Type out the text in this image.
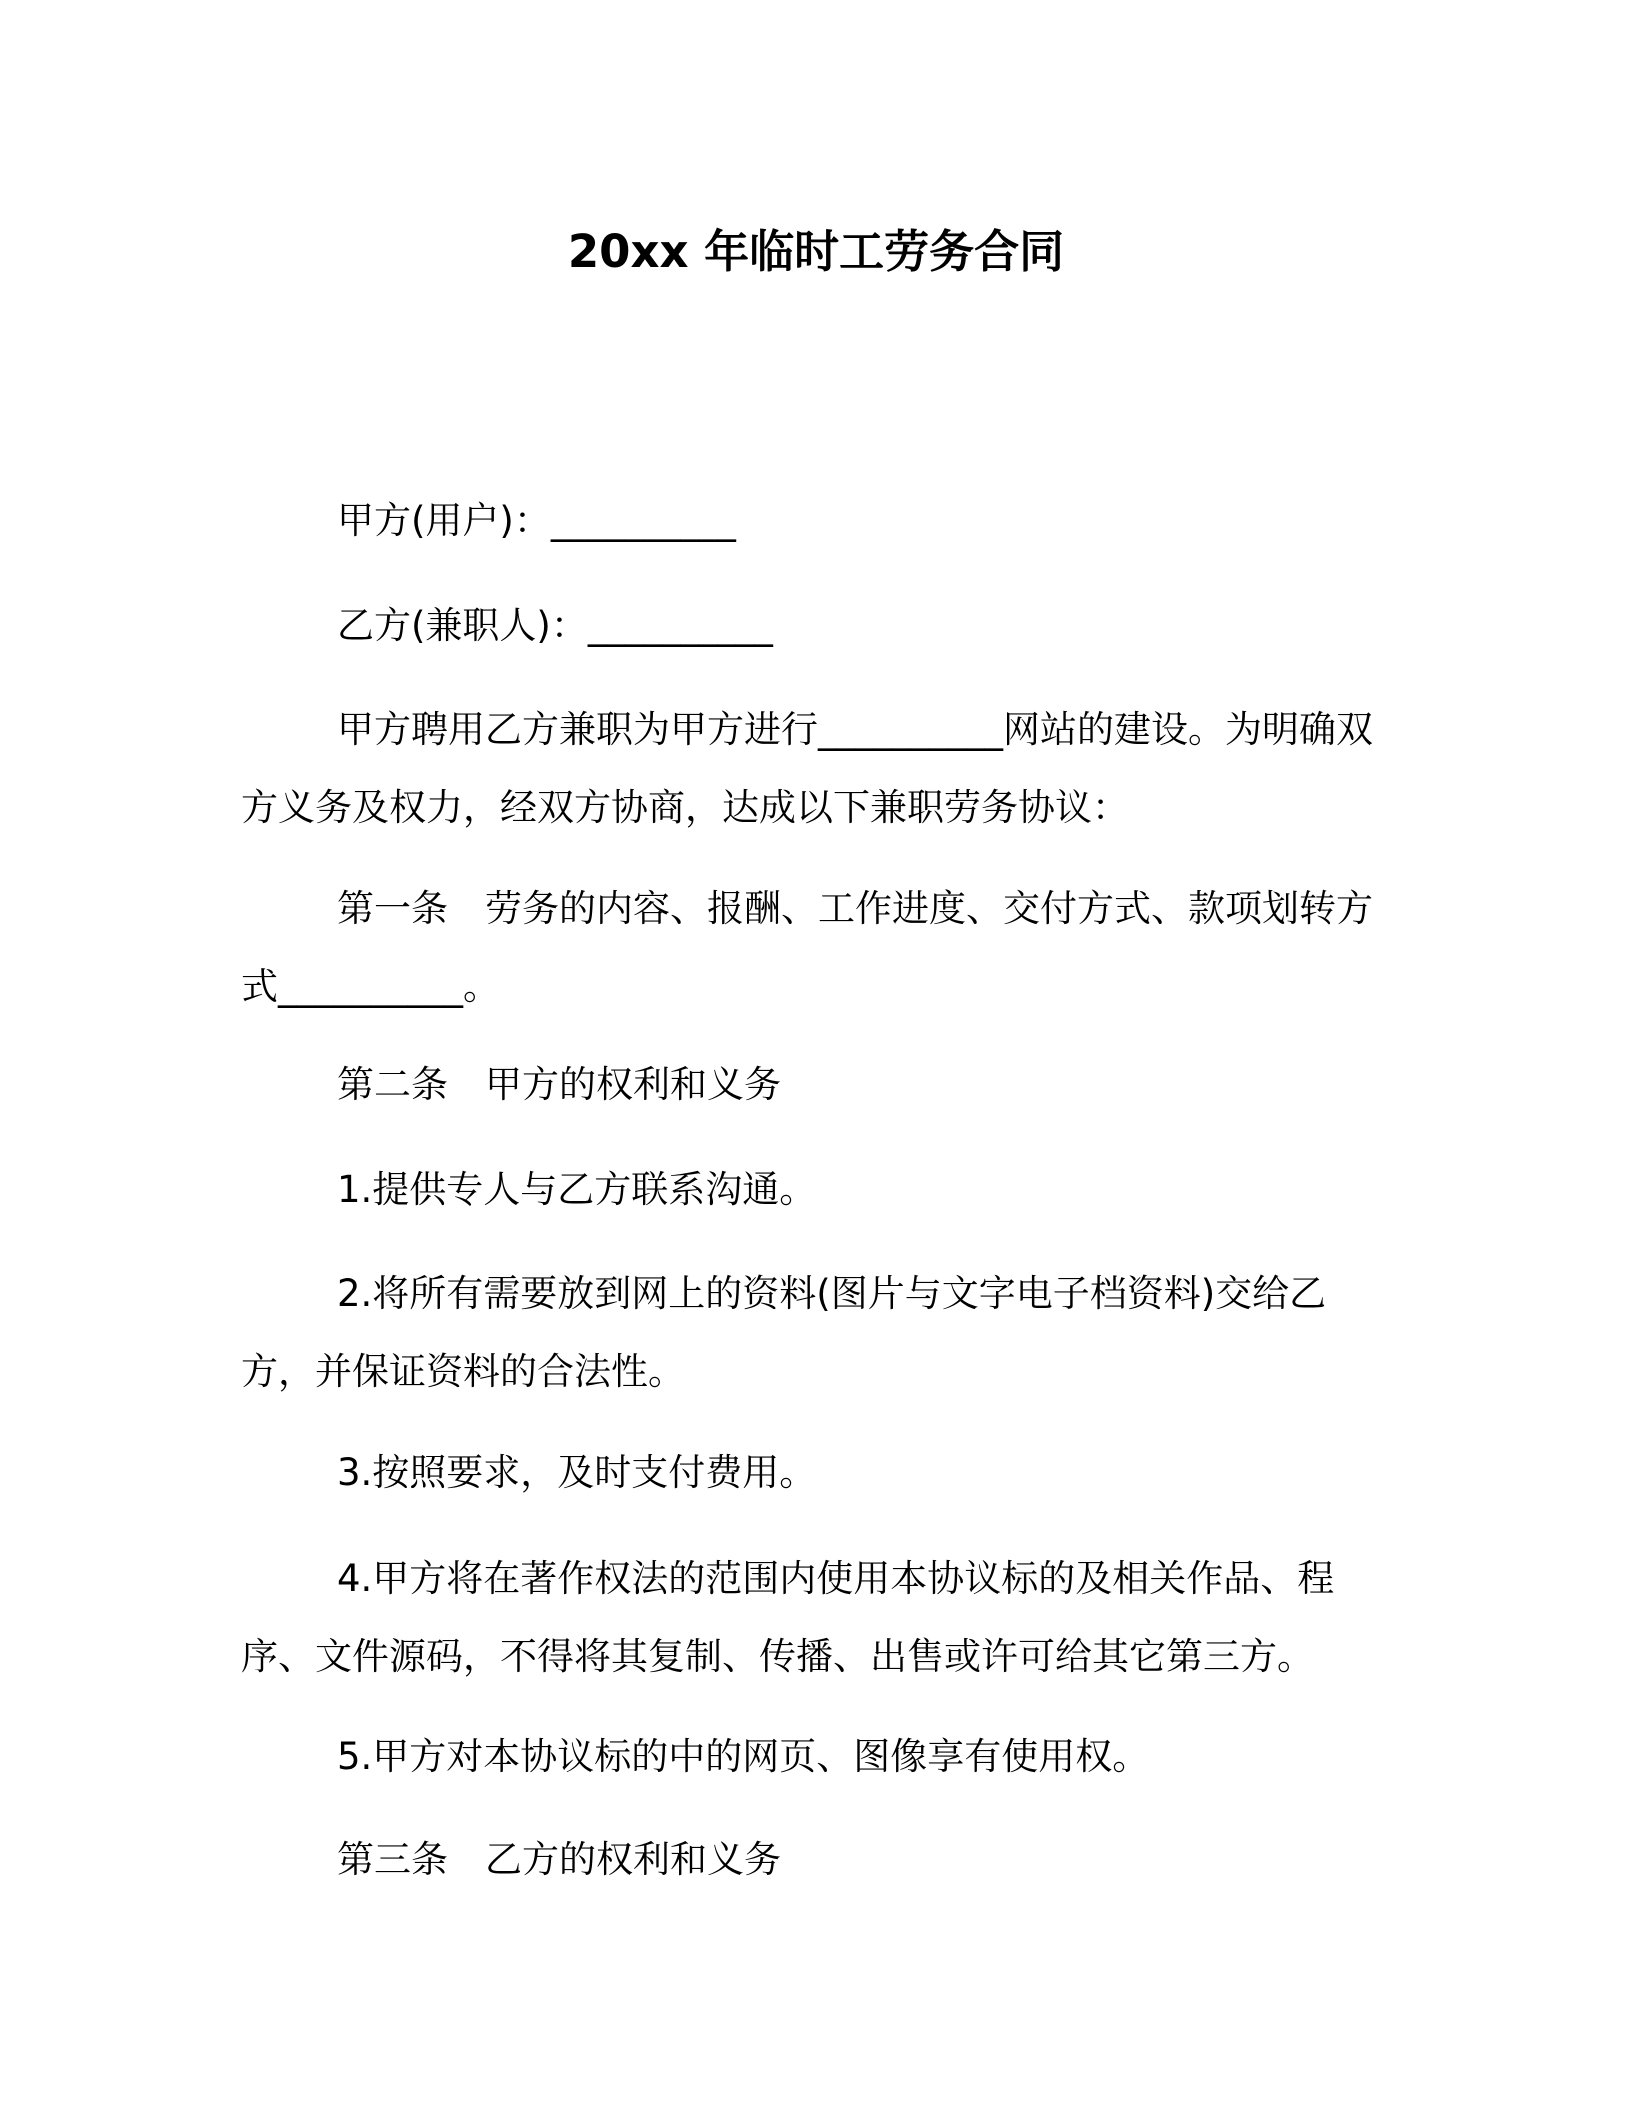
20xx 年临时工劳务合同

甲方(用户)：__________

乙方(兼职人)：__________

甲方聘用乙方兼职为甲方进行__________网站的建设。为明确双方义务及权力，经双方协商，达成以下兼职劳务协议：

第一条　劳务的内容、报酬、工作进度、交付方式、款项划转方式__________。

第二条　甲方的权利和义务

1.提供专人与乙方联系沟通。

2.将所有需要放到网上的资料(图片与文字电子档资料)交给乙方，并保证资料的合法性。

3.按照要求，及时支付费用。

4.甲方将在著作权法的范围内使用本协议标的及相关作品、程序、文件源码，不得将其复制、传播、出售或许可给其它第三方。

5.甲方对本协议标的中的网页、图像享有使用权。

第三条　乙方的权利和义务
